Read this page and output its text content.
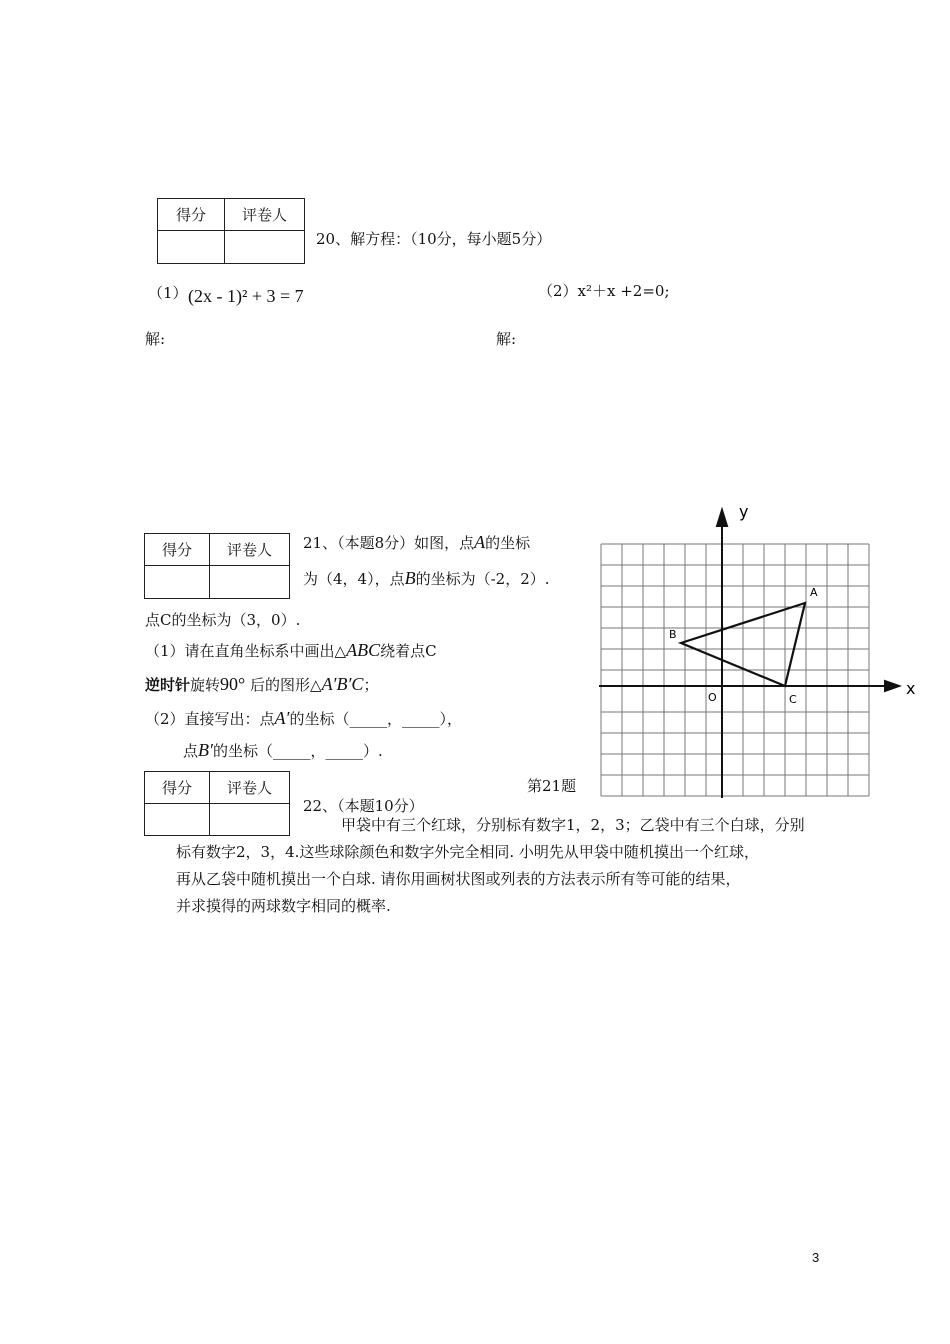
得分	评卷人

20、解方程：（10分，每小题5分）
（1） (2x - 1)² + 3 = 7	（2）x²＋x +2=0;
解:	解:
得分	评卷人
	21、（本题8分）如图，点A的坐标
为（4，4），点B的坐标为（-2，2）.
点C的坐标为（3，0）.
（1）请在直角坐标系中画出△ABC绕着点C
逆时针旋转90° 后的图形△A′B′C；
（2）直接写出：点A′的坐标（_____，_____），
点B′的坐标（_____，_____）.
x
y
O
A
B
C
第21题
得分	评卷人

22、（本题10分）
甲袋中有三个红球，分别标有数字1，2，3；乙袋中有三个白球，分别
标有数字2，3，4.这些球除颜色和数字外完全相同. 小明先从甲袋中随机摸出一个红球，
再从乙袋中随机摸出一个白球. 请你用画树状图或列表的方法表示所有等可能的结果，
并求摸得的两球数字相同的概率.
3
